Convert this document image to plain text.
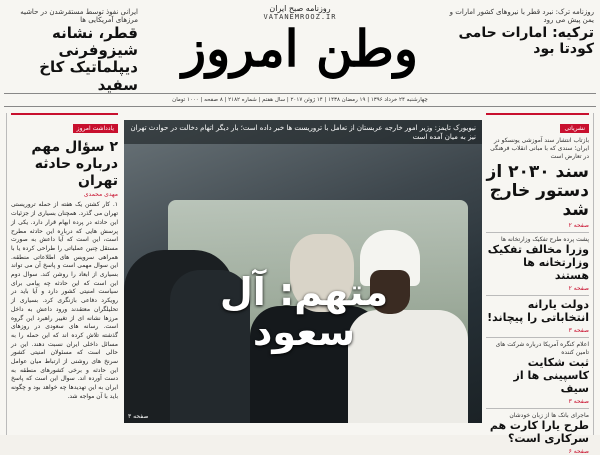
ایرانی نفوذ توسط مستقرشدن در حاشیه مرزهای آمریکایی ها
قطر، نشانه شیزوفرنی دیپلماتیک کاخ سفید
روزنامه صبح ایران
VATANEMROOZ.IR
وطن امروز
روزنامه ترک: نبرد قطر با نیروهای کشور امارات و یمن پیش می رود
ترکیه: امارات حامی کودتا بود
چهارشنبه ۲۴ خرداد ۱۳۹۶ | ۱۹ رمضان ۱۴۳۸ | ۱۴ ژوئن ۲۰۱۷ | سال هفتم | شماره ۲۱۸۲ | ۸ صفحه | ۱۰۰۰ تومان
یادداشت امروز
۲ سؤال مهم درباره حادثه تهران
مهدی محمدی
۱. کار کشتن یک هفته از حمله تروریستی تهران می گذرد. همچنان بسیاری از جزئیات این حادثه در پرده ابهام قرار دارد. یکی از پرسش هایی که درباره این حادثه مطرح است، این است که آیا داعش به صورت مستقل چنین عملیاتی را طراحی کرده یا با همراهی سرویس های اطلاعاتی منطقه. این سوال مهمی است و پاسخ آن می تواند بسیاری از ابعاد را روشن کند. سوال دوم این است که این حادثه چه پیامی برای سیاست امنیتی کشور دارد و آیا باید در رویکرد دفاعی بازنگری کرد. بسیاری از تحلیلگران معتقدند ورود داعش به داخل مرزها نشانه ای از تغییر راهبرد این گروه است. رسانه های سعودی در روزهای گذشته تلاش کرده اند که این حمله را به مسائل داخلی ایران نسبت دهند. این در حالی است که مسئولان امنیتی کشور سرنخ های روشنی از ارتباط میان عوامل این حادثه و برخی کشورهای منطقه به دست آورده اند. سوال این است که پاسخ ایران به این تهدیدها چه خواهد بود و چگونه باید با آن مواجه شد.
نیویورک تایمز: وزیر امور خارجه عربستان از تعامل با تروریست ها خبر داده است؛ بار دیگر اتهام دخالت در حوادث تهران نیز به میان آمده است
متهم: آل سعود
صفحه ۳
نشریاتی
بازتاب انتشار سند آموزشی یونسکو در ایران؛ سندی که با مبانی انقلاب فرهنگی در تعارض است
سند ۲۰۳۰ از دستور خارج شد
صفحه ۲
پشت پرده طرح تفکیک وزارتخانه ها
وزرا مخالف تفکیک وزارتخانه ها هستند
صفحه ۲
دولت یارانه انتخاباتی را پیچاند!
صفحه ۳
اعلام کنگره آمریکا درباره شرکت های تامین کننده
ثبت شکایت کاسپینی ها از سیف
صفحه ۳
ماجرای بانک ها از زبان خودشان
طرح یارا کارت هم سرکاری است؟
صفحه ۶
